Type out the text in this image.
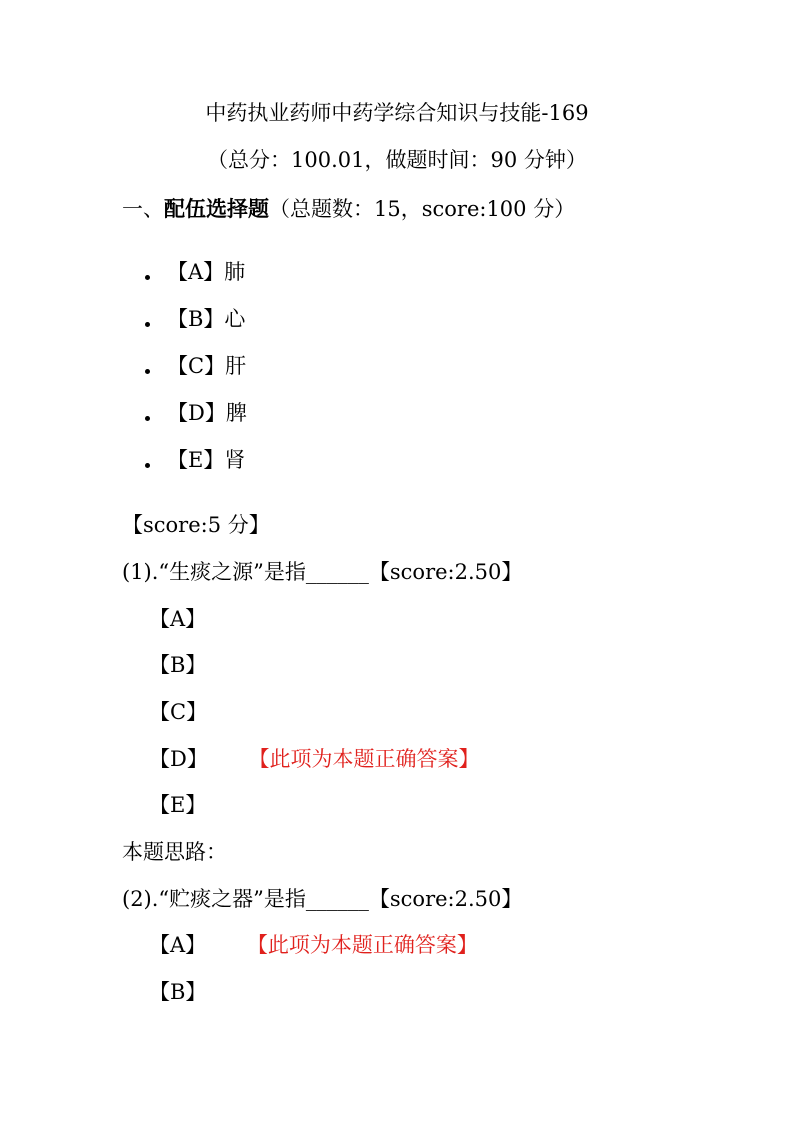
中药执业药师中药学综合知识与技能-169
（总分：100.01，做题时间：90 分钟）
一、配伍选择题（总题数：15，score:100 分）
【A】肺
【B】心
【C】肝
【D】脾
【E】肾
【score:5 分】
(1).“生痰之源”是指______【score:2.50】
【A】
【B】
【C】
【D】 【此项为本题正确答案】
【E】
本题思路：
(2).“贮痰之器”是指______【score:2.50】
【A】 【此项为本题正确答案】
【B】
